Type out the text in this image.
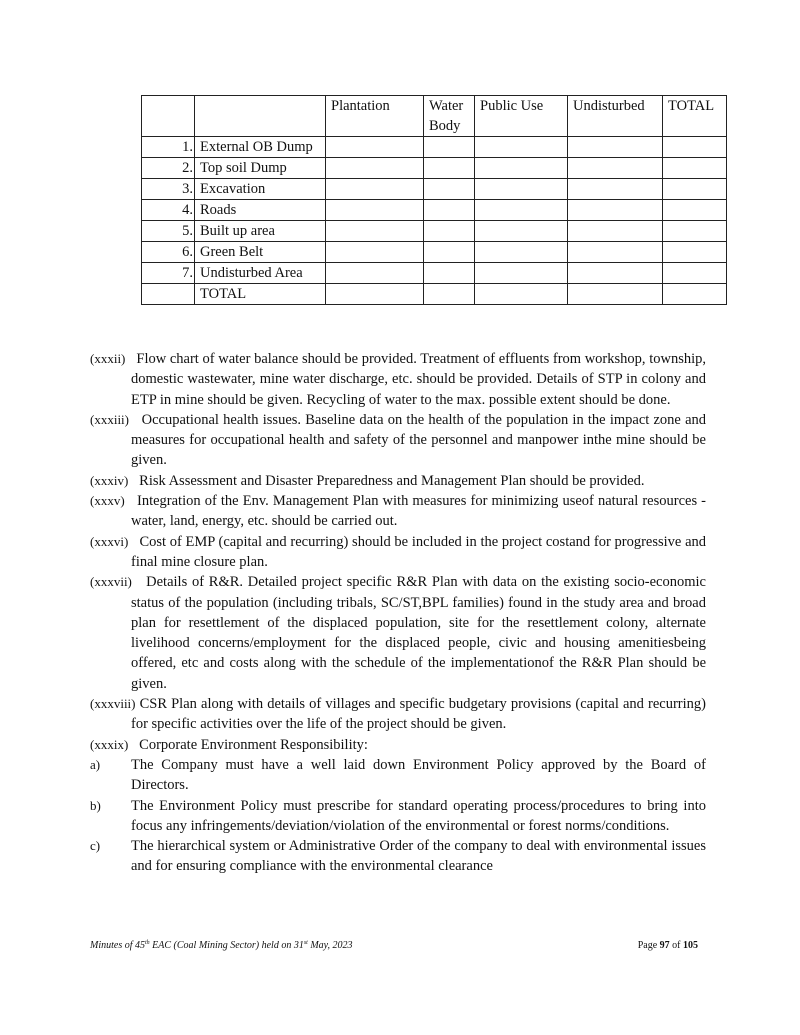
		Plantation	Water Body	Public Use	Undisturbed	TOTAL
1.	External OB Dump					
2.	Top soil Dump					
3.	Excavation					
4.	Roads					
5.	Built up area					
6.	Green Belt					
7.	Undisturbed Area					
	TOTAL					
(xxxii) Flow chart of water balance should be provided. Treatment of effluents from workshop, township, domestic wastewater, mine water discharge, etc. should be provided. Details of STP in colony and ETP in mine should be given. Recycling of water to the max. possible extent should be done.
(xxxiii) Occupational health issues. Baseline data on the health of the population in the impact zone and measures for occupational health and safety of the personnel and manpower inthe mine should be given.
(xxxiv) Risk Assessment and Disaster Preparedness and Management Plan should be provided.
(xxxv) Integration of the Env. Management Plan with measures for minimizing useof natural resources - water, land, energy, etc. should be carried out.
(xxxvi) Cost of EMP (capital and recurring) should be included in the project costand for progressive and final mine closure plan.
(xxxvii) Details of R&R. Detailed project specific R&R Plan with data on the existing socio-economic status of the population (including tribals, SC/ST,BPL families) found in the study area and broad plan for resettlement of the displaced population, site for the resettlement colony, alternate livelihood concerns/employment for the displaced people, civic and housing amenitiesbeing offered, etc and costs along with the schedule of the implementationof the R&R Plan should be given.
(xxxviii) CSR Plan along with details of villages and specific budgetary provisions (capital and recurring) for specific activities over the life of the project should be given.
(xxxix) Corporate Environment Responsibility:
a)	The Company must have a well laid down Environment Policy approved by the Board of Directors.
b)	The Environment Policy must prescribe for standard operating process/procedures to bring into focus any infringements/deviation/violation of the environmental or forest norms/conditions.
c)	The hierarchical system or Administrative Order of the company to deal with environmental issues and for ensuring compliance with the environmental clearance
Minutes of 45th EAC (Coal Mining Sector) held on 31st May, 2023	Page 97 of 105
